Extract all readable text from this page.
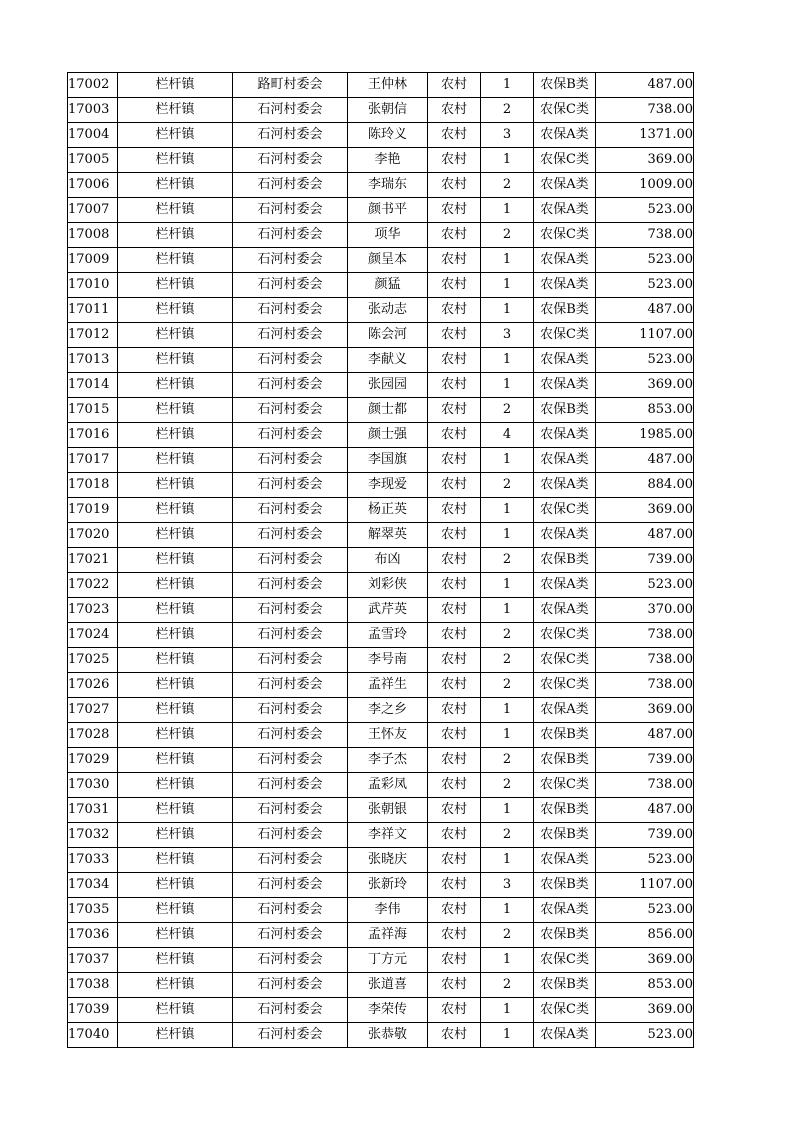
17002	栏杆镇	路町村委会	王仲林	农村	1	农保B类	487.00
17003	栏杆镇	石河村委会	张朝信	农村	2	农保C类	738.00
17004	栏杆镇	石河村委会	陈玲义	农村	3	农保A类	1371.00
17005	栏杆镇	石河村委会	李艳	农村	1	农保C类	369.00
17006	栏杆镇	石河村委会	李瑞东	农村	2	农保A类	1009.00
17007	栏杆镇	石河村委会	颜书平	农村	1	农保A类	523.00
17008	栏杆镇	石河村委会	项华	农村	2	农保C类	738.00
17009	栏杆镇	石河村委会	颜呈本	农村	1	农保A类	523.00
17010	栏杆镇	石河村委会	颜猛	农村	1	农保A类	523.00
17011	栏杆镇	石河村委会	张动志	农村	1	农保B类	487.00
17012	栏杆镇	石河村委会	陈会河	农村	3	农保C类	1107.00
17013	栏杆镇	石河村委会	李献义	农村	1	农保A类	523.00
17014	栏杆镇	石河村委会	张园园	农村	1	农保A类	369.00
17015	栏杆镇	石河村委会	颜士都	农村	2	农保B类	853.00
17016	栏杆镇	石河村委会	颜士强	农村	4	农保A类	1985.00
17017	栏杆镇	石河村委会	李国旗	农村	1	农保A类	487.00
17018	栏杆镇	石河村委会	李现爱	农村	2	农保A类	884.00
17019	栏杆镇	石河村委会	杨正英	农村	1	农保C类	369.00
17020	栏杆镇	石河村委会	解翠英	农村	1	农保A类	487.00
17021	栏杆镇	石河村委会	布凶	农村	2	农保B类	739.00
17022	栏杆镇	石河村委会	刘彩侠	农村	1	农保A类	523.00
17023	栏杆镇	石河村委会	武芹英	农村	1	农保A类	370.00
17024	栏杆镇	石河村委会	孟雪玲	农村	2	农保C类	738.00
17025	栏杆镇	石河村委会	李号南	农村	2	农保C类	738.00
17026	栏杆镇	石河村委会	孟祥生	农村	2	农保C类	738.00
17027	栏杆镇	石河村委会	李之乡	农村	1	农保A类	369.00
17028	栏杆镇	石河村委会	王怀友	农村	1	农保B类	487.00
17029	栏杆镇	石河村委会	李子杰	农村	2	农保B类	739.00
17030	栏杆镇	石河村委会	孟彩凤	农村	2	农保C类	738.00
17031	栏杆镇	石河村委会	张朝银	农村	1	农保B类	487.00
17032	栏杆镇	石河村委会	李祥文	农村	2	农保B类	739.00
17033	栏杆镇	石河村委会	张晓庆	农村	1	农保A类	523.00
17034	栏杆镇	石河村委会	张新玲	农村	3	农保B类	1107.00
17035	栏杆镇	石河村委会	李伟	农村	1	农保A类	523.00
17036	栏杆镇	石河村委会	孟祥海	农村	2	农保B类	856.00
17037	栏杆镇	石河村委会	丁方元	农村	1	农保C类	369.00
17038	栏杆镇	石河村委会	张道喜	农村	2	农保B类	853.00
17039	栏杆镇	石河村委会	李荣传	农村	1	农保C类	369.00
17040	栏杆镇	石河村委会	张恭敬	农村	1	农保A类	523.00
